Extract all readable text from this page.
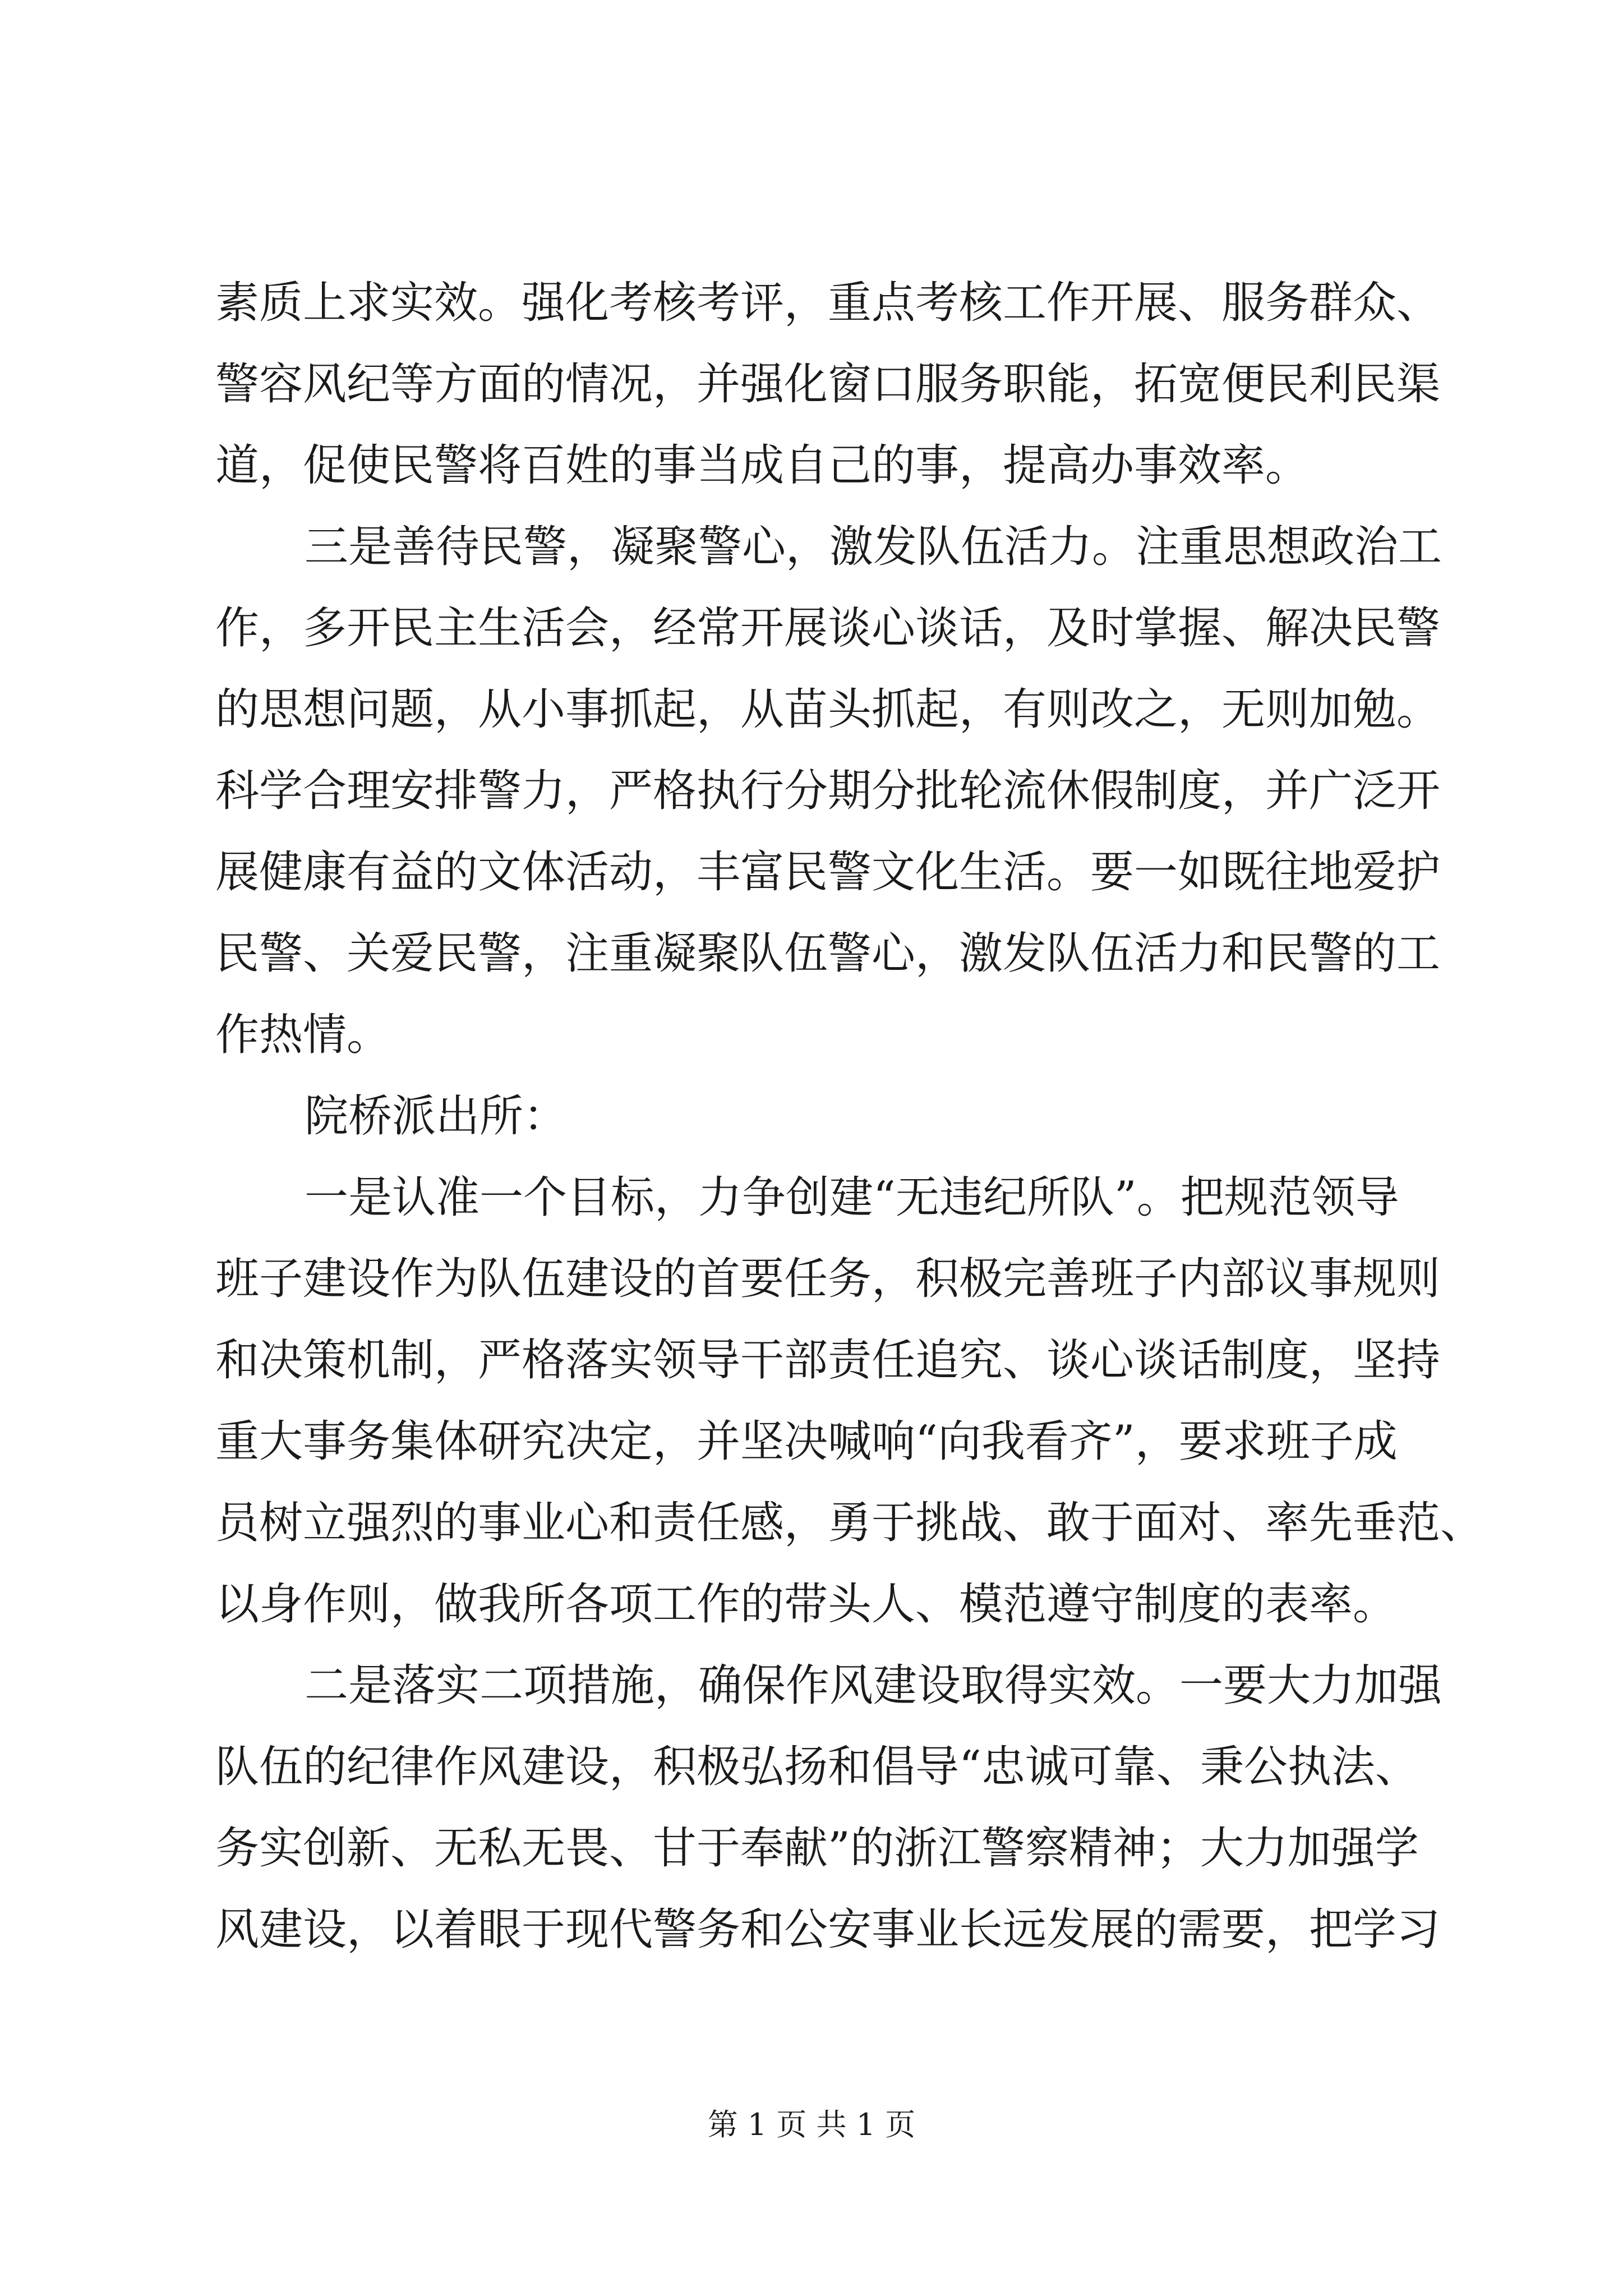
素质上求实效。强化考核考评，重点考核工作开展、服务群众、

警容风纪等方面的情况，并强化窗口服务职能，拓宽便民利民渠

道，促使民警将百姓的事当成自己的事，提高办事效率。

三是善待民警，凝聚警心，激发队伍活力。注重思想政治工

作，多开民主生活会，经常开展谈心谈话，及时掌握、解决民警

的思想问题，从小事抓起，从苗头抓起，有则改之，无则加勉。

科学合理安排警力，严格执行分期分批轮流休假制度，并广泛开

展健康有益的文体活动，丰富民警文化生活。要一如既往地爱护

民警、关爱民警，注重凝聚队伍警心，激发队伍活力和民警的工

作热情。

院桥派出所：

一是认准一个目标，力争创建“无违纪所队”。把规范领导

班子建设作为队伍建设的首要任务，积极完善班子内部议事规则

和决策机制，严格落实领导干部责任追究、谈心谈话制度，坚持

重大事务集体研究决定，并坚决喊响“向我看齐”，要求班子成

员树立强烈的事业心和责任感，勇于挑战、敢于面对、率先垂范、

以身作则，做我所各项工作的带头人、模范遵守制度的表率。

二是落实二项措施，确保作风建设取得实效。一要大力加强

队伍的纪律作风建设，积极弘扬和倡导“忠诚可靠、秉公执法、

务实创新、无私无畏、甘于奉献”的浙江警察精神；大力加强学

风建设，以着眼于现代警务和公安事业长远发展的需要，把学习

第 1 页 共 1 页
